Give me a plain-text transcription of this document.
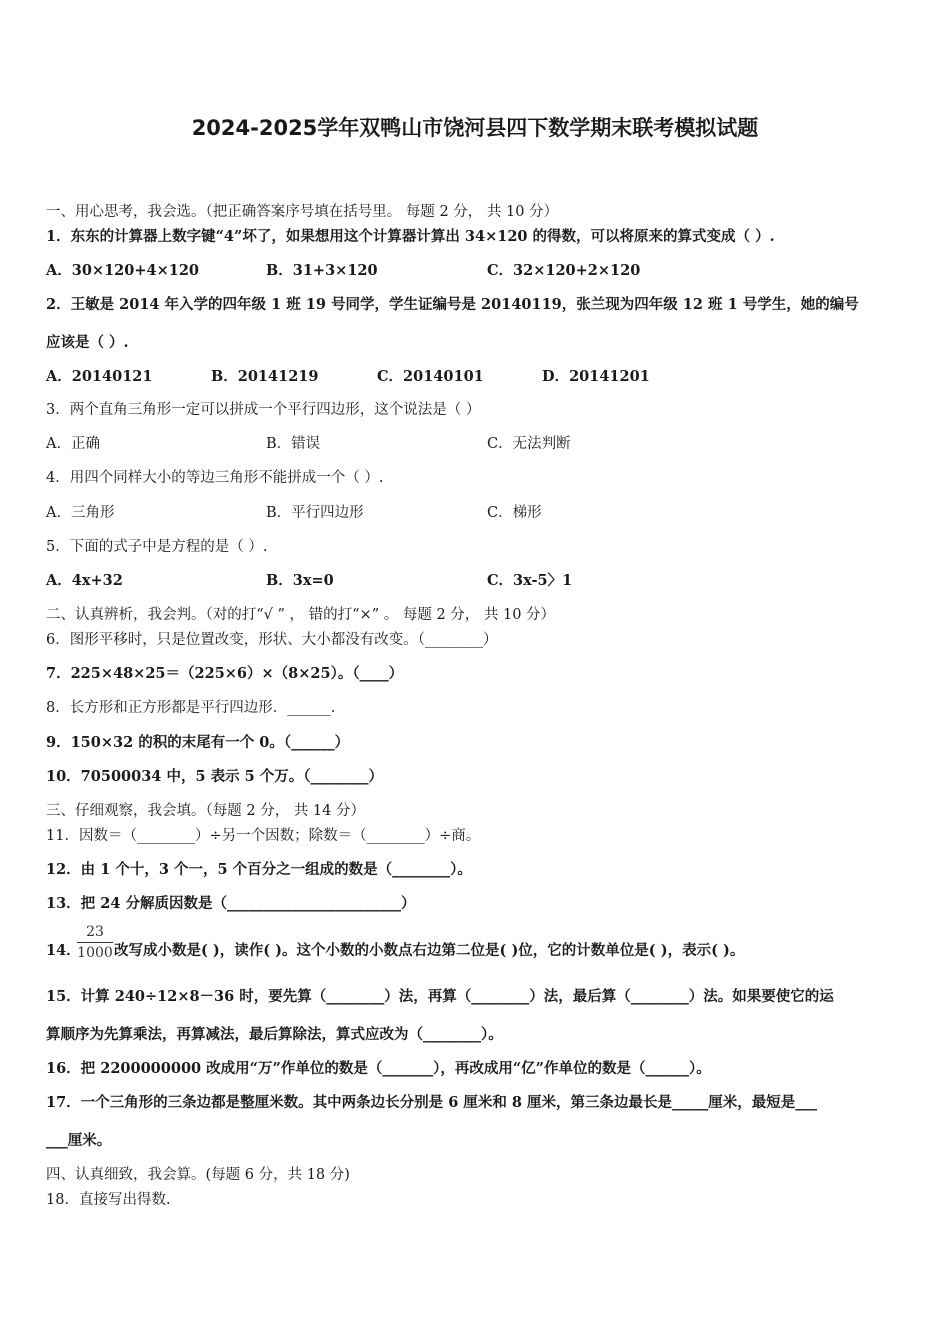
2024-2025学年双鸭山市饶河县四下数学期末联考模拟试题
一、用心思考，我会选。（把正确答案序号填在括号里。 每题 2 分， 共 10 分）
1．东东的计算器上数字键“4”坏了，如果想用这个计算器计算出 34×120 的得数，可以将原来的算式变成（ ）.
A．30×120+4×120	B．31+3×120	C．32×120+2×120
2．王敏是 2014 年入学的四年级 1 班 19 号同学，学生证编号是 20140119，张兰现为四年级 12 班 1 号学生，她的编号
应该是（ ）.
A．20140121	B．20141219	C．20140101	D．20141201
3．两个直角三角形一定可以拼成一个平行四边形，这个说法是（ ）
A．正确	B．错误	C．无法判断
4．用四个同样大小的等边三角形不能拼成一个（ ）.
A．三角形	B．平行四边形	C．梯形
5．下面的式子中是方程的是（ ）.
A．4x+32	B．3x=0	C．3x-5〉1
二、认真辨析，我会判。（对的打“√ ” ， 错的打“×” 。 每题 2 分， 共 10 分）
6．图形平移时，只是位置改变，形状、大小都没有改变。（________）
7．225×48×25＝（225×6）×（8×25）。（____）
8．长方形和正方形都是平行四边形．______.
9．150×32 的积的末尾有一个 0。（______）
10．70500034 中，5 表示 5 个万。（________）
三、仔细观察，我会填。（每题 2 分， 共 14 分）
11．因数＝（________）÷另一个因数；除数＝（________）÷商。
12．由 1 个十，3 个一，5 个百分之一组成的数是（________）。
13．把 24 分解质因数是（________________________）
14．
23
1000 改写成小数是( )，读作( )。这个小数的小数点右边第二位是( )位，它的计数单位是( )，表示( )。
15．计算 240÷12×8－36 时，要先算（________）法，再算（________）法，最后算（________）法。如果要使它的运
算顺序为先算乘法，再算减法，最后算除法，算式应改为（________）。
16．把 2200000000 改成用“万”作单位的数是（_______），再改成用“亿”作单位的数是（______）。
17．一个三角形的三条边都是整厘米数。其中两条边长分别是 6 厘米和 8 厘米，第三条边最长是_____厘米，最短是___
___厘米。
四、认真细致，我会算。(每题 6 分，共 18 分)
18．直接写出得数.
